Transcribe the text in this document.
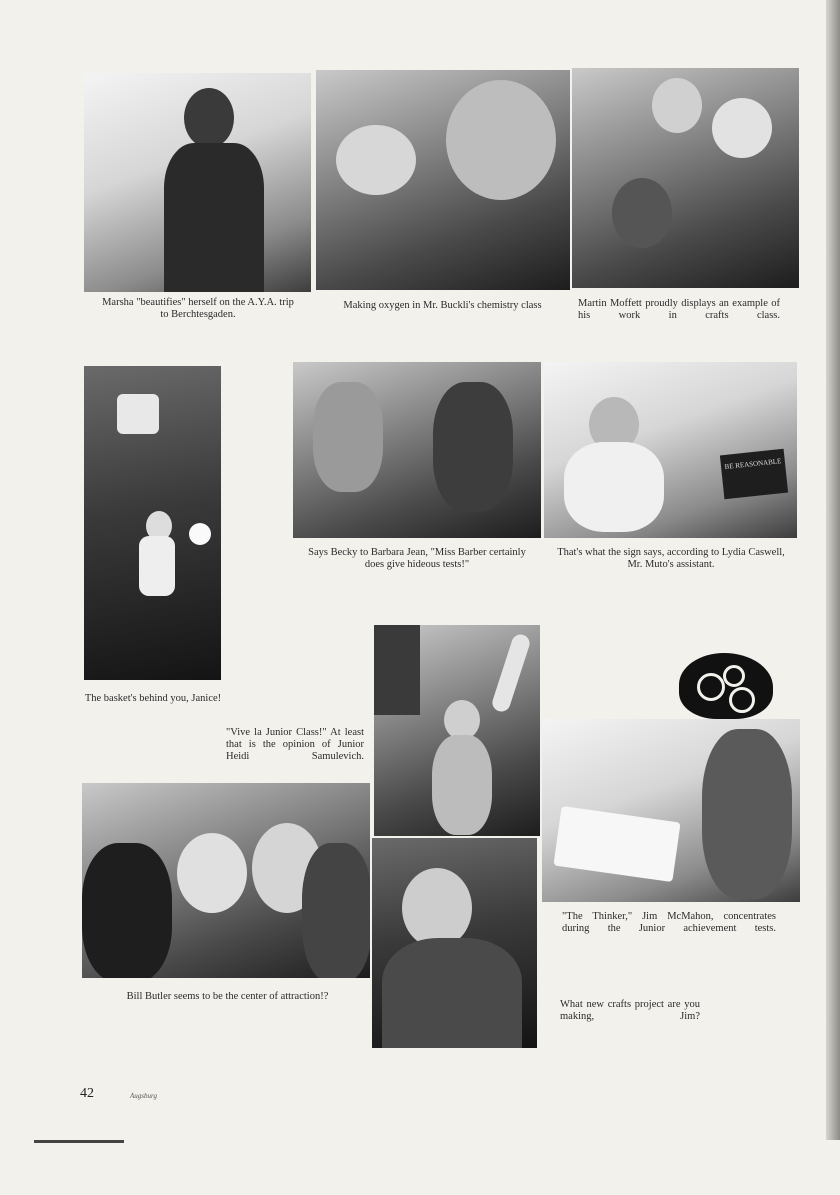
Marsha "beautifies" herself on the A.Y.A. trip to Berchtesgaden.
Making oxygen in Mr. Buckli's chemistry class	Martin Moffett proudly displays an example of his work in crafts class.
BE REASONABLE
Says Becky to Barbara Jean, "Miss Barber certainly does give hideous tests!"
That's what the sign says, according to Lydia Caswell, Mr. Muto's assistant.
The basket's behind you, Janice!
"Vive la Junior Class!" At least that is the opinion of Junior Heidi Samulevich.
"The Thinker," Jim McMahon, concentrates during the Junior achievement tests.
Bill Butler seems to be the center of attraction!?
What new crafts project are you making, Jim?
42	Augsburg
